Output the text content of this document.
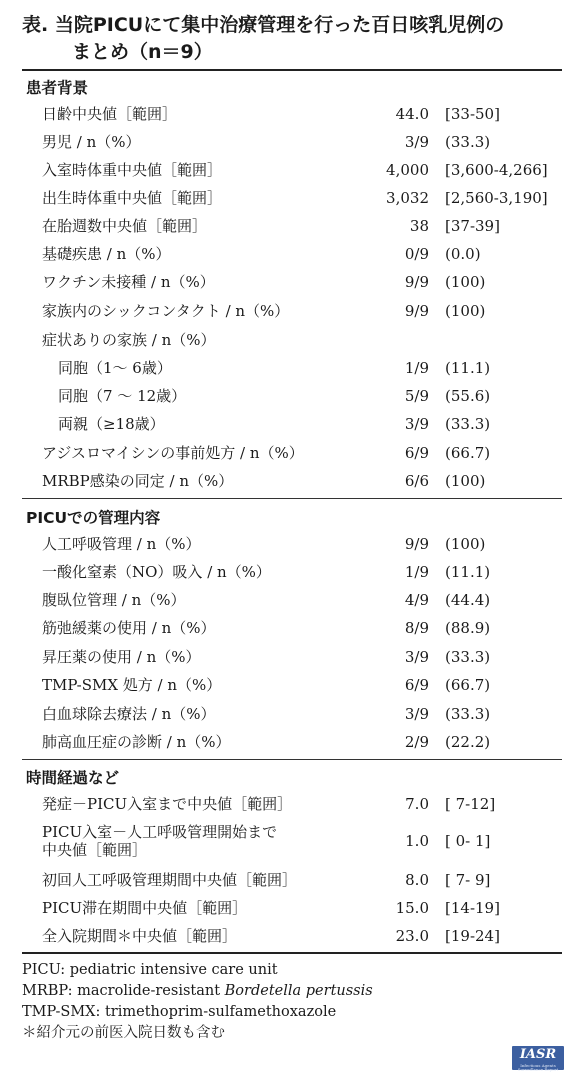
表. 当院PICUにて集中治療管理を行った百日咳乳児例の
まとめ（n＝9）
患者背景
日齢中央値［範囲］	44.0 [33-50]
男児 / n（%）	3/9 (33.3)
入室時体重中央値［範囲］	4,000 [3,600-4,266]
出生時体重中央値［範囲］	3,032 [2,560-3,190]
在胎週数中央値［範囲］	38 [37-39]
基礎疾患 / n（%）	0/9 (0.0)
ワクチン未接種 / n（%）	9/9 (100)
家族内のシックコンタクト / n（%）	9/9 (100)
症状ありの家族 / n（%）
同胞（1～ 6歳）	1/9 (11.1)
同胞（7 ～ 12歳）	5/9 (55.6)
両親（≥18歳）	3/9 (33.3)
アジスロマイシンの事前処方 / n（%）	6/9 (66.7)
MRBP感染の同定 / n（%）	6/6 (100)
PICUでの管理内容
人工呼吸管理 / n（%）	9/9 (100)
一酸化窒素（NO）吸入 / n（%）	1/9 (11.1)
腹臥位管理 / n（%）	4/9 (44.4)
筋弛緩薬の使用 / n（%）	8/9 (88.9)
昇圧薬の使用 / n（%）	3/9 (33.3)
TMP-SMX 処方 / n（%）	6/9 (66.7)
白血球除去療法 / n（%）	3/9 (33.3)
肺高血圧症の診断 / n（%）	2/9 (22.2)
時間経過など
発症－PICU入室まで中央値［範囲］	7.0 [ 7-12]
PICU入室－人工呼吸管理開始まで
中央値［範囲］	1.0 [ 0- 1]
初回人工呼吸管理期間中央値［範囲］	8.0 [ 7- 9]
PICU滞在期間中央値［範囲］	15.0 [14-19]
全入院期間＊中央値［範囲］	23.0 [19-24]
PICU: pediatric intensive care unit
MRBP: macrolide-resistant Bordetella pertussis
TMP-SMX: trimethoprim-sulfamethoxazole
＊紹介元の前医入院日数も含む
IASR
Infectious Agents Surveillance Report
